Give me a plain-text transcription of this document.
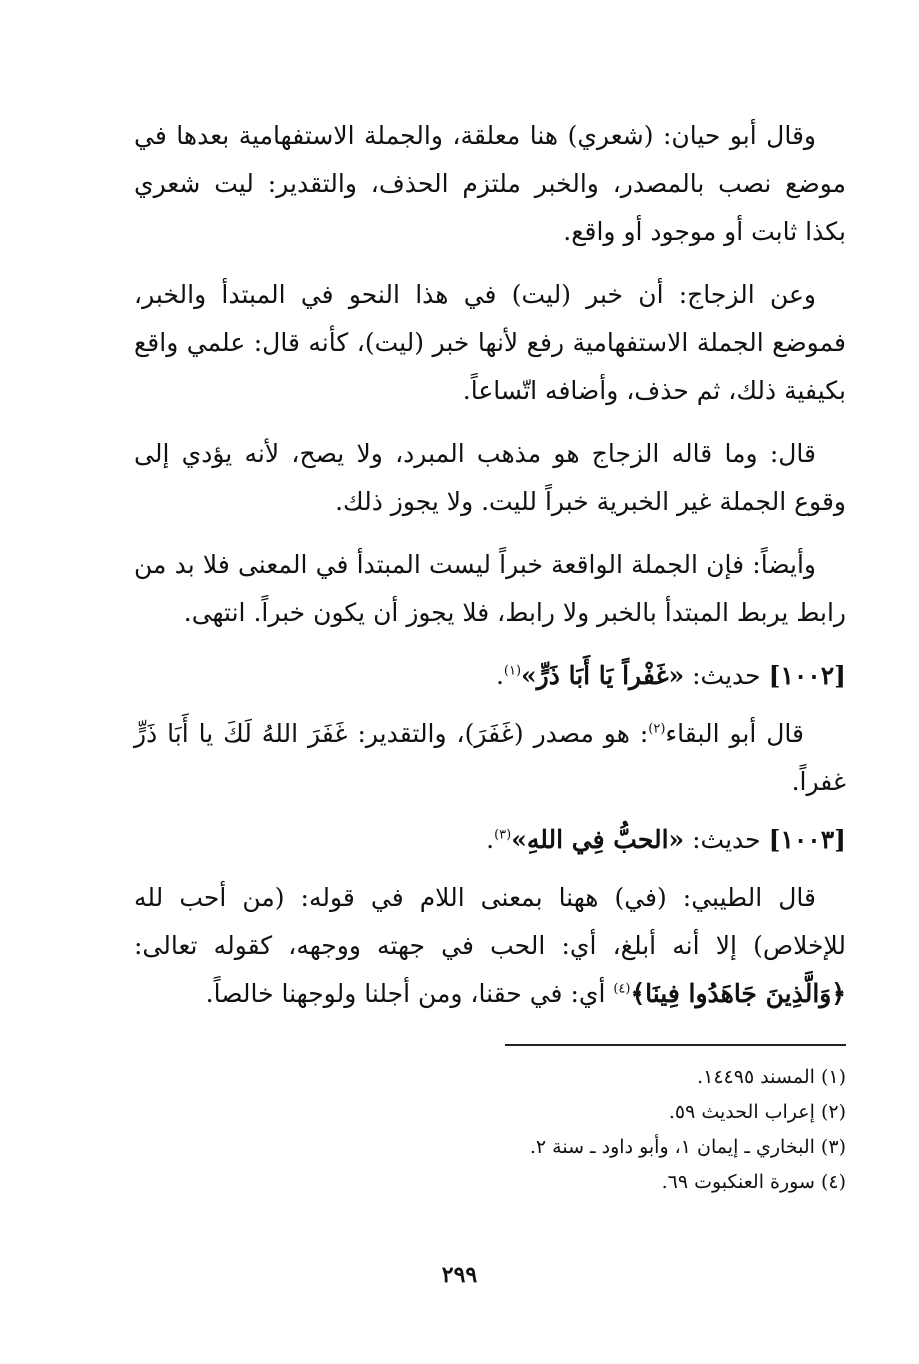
وقال أبو حيان: (شعري) هنا معلقة، والجملة الاستفهامية بعدها في موضع نصب بالمصدر، والخبر ملتزم الحذف، والتقدير: ليت شعري بكذا ثابت أو موجود أو واقع.

وعن الزجاج: أن خبر (ليت) في هذا النحو في المبتدأ والخبر، فموضع الجملة الاستفهامية رفع لأنها خبر (ليت)، كأنه قال: علمي واقع بكيفية ذلك، ثم حذف، وأضافه اتّساعاً.

قال: وما قاله الزجاج هو مذهب المبرد، ولا يصح، لأنه يؤدي إلى وقوع الجملة غير الخبرية خبراً لليت. ولا يجوز ذلك.

وأيضاً: فإن الجملة الواقعة خبراً ليست المبتدأ في المعنى فلا بد من رابط يربط المبتدأ بالخبر ولا رابط، فلا يجوز أن يكون خبراً. انتهى.

[١٠٠٢] حديث: «غَفْراً يَا أَبَا ذَرٍّ»$^{(١)}$.

قال أبو البقاء$^{(٢)}$: هو مصدر (غَفَرَ)، والتقدير: غَفَرَ اللهُ لَكَ يا أَبَا ذَرٍّ غفراً.

[١٠٠٣] حديث: «الحبُّ فِي اللهِ»$^{(٣)}$.

قال الطيبي: (في) ههنا بمعنى اللام في قوله: (من أحب لله للإخلاص) إلا أنه أبلغ، أي: الحب في جهته ووجهه، كقوله تعالى: ﴿وَالَّذِينَ جَاهَدُوا فِينَا﴾$^{(٤)}$ أي: في حقنا، ومن أجلنا ولوجهنا خالصاً.

(١) المسند ١٤٤٩٥.

(٢) إعراب الحديث ٥٩.

(٣) البخاري ـ إيمان ١، وأبو داود ـ سنة ٢.

(٤) سورة العنكبوت ٦٩.

٢٩٩
